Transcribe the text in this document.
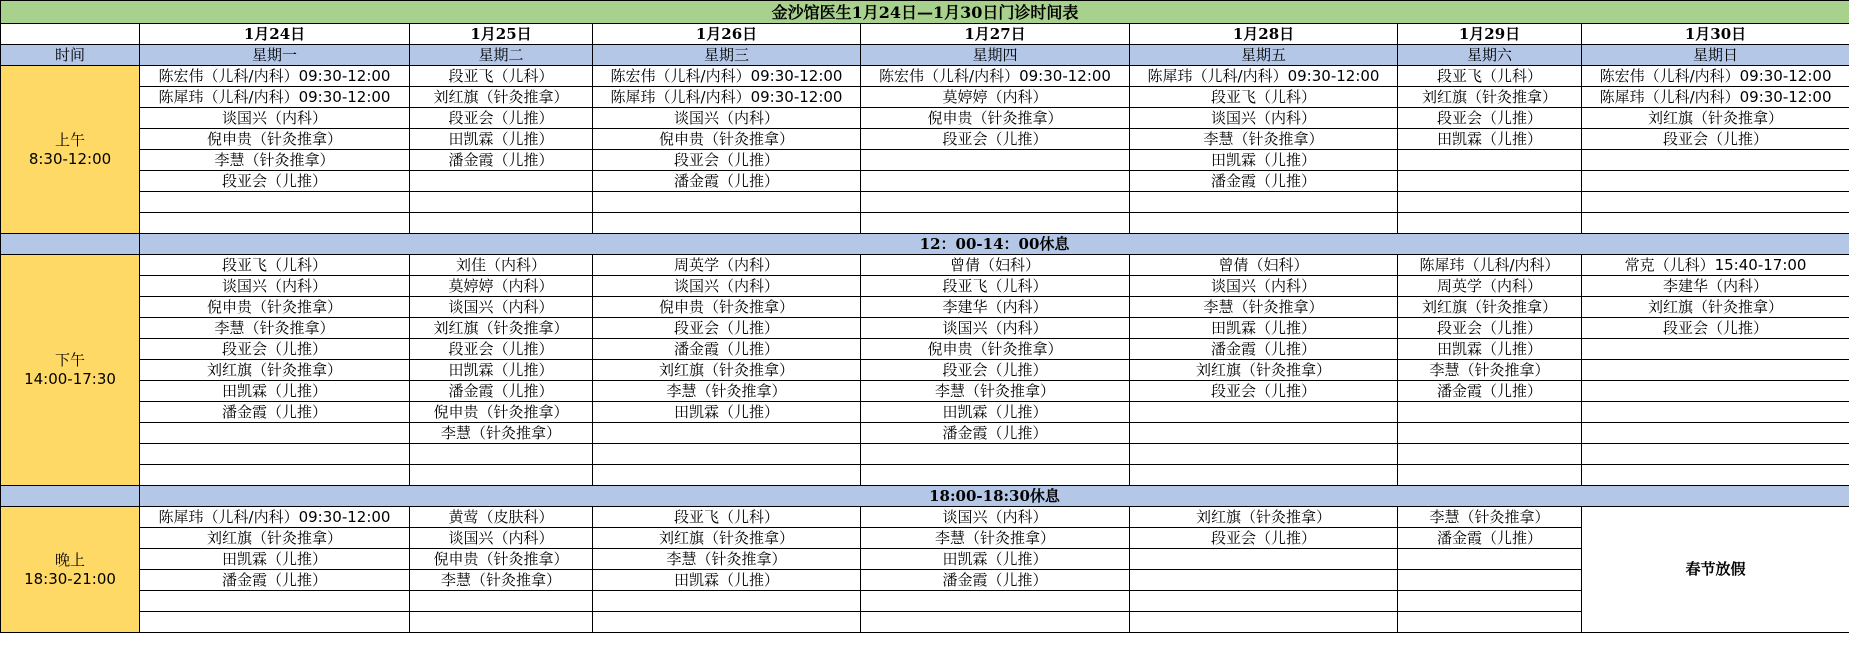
金沙馆医生1月24日—1月30日门诊时间表							
	1月24日	1月25日	1月26日	1月27日	1月28日	1月29日	1月30日
时间	星期一	星期二	星期三	星期四	星期五	星期六	星期日

上午
8:30-12:00	陈宏伟（儿科/内科）09:30-12:00	段亚飞（儿科）	陈宏伟（儿科/内科）09:30-12:00	陈宏伟（儿科/内科）09:30-12:00	陈犀玮（儿科/内科）09:30-12:00	段亚飞（儿科）	陈宏伟（儿科/内科）09:30-12:00
	陈犀玮（儿科/内科）09:30-12:00	刘红旗（针灸推拿）	陈犀玮（儿科/内科）09:30-12:00	莫婷婷（内科）	段亚飞（儿科）	刘红旗（针灸推拿）	陈犀玮（儿科/内科）09:30-12:00
	谈国兴（内科）	段亚会（儿推）	谈国兴（内科）	倪申贵（针灸推拿）	谈国兴（内科）	段亚会（儿推）	刘红旗（针灸推拿）
	倪申贵（针灸推拿）	田凯霖（儿推）	倪申贵（针灸推拿）	段亚会（儿推）	李慧（针灸推拿）	田凯霖（儿推）	段亚会（儿推）
	李慧（针灸推拿）	潘金霞（儿推）	段亚会（儿推）		田凯霖（儿推）		
	段亚会（儿推）		潘金霞（儿推）		潘金霞（儿推）		

	12：00-14：00休息						

下午
14:00-17:30	段亚飞（儿科）	刘佳（内科）	周英学（内科）	曾倩（妇科）	曾倩（妇科）	陈犀玮（儿科/内科）	常克（儿科）15:40-17:00
	谈国兴（内科）	莫婷婷（内科）	谈国兴（内科）	段亚飞（儿科）	谈国兴（内科）	周英学（内科）	李建华（内科）
	倪申贵（针灸推拿）	谈国兴（内科）	倪申贵（针灸推拿）	李建华（内科）	李慧（针灸推拿）	刘红旗（针灸推拿）	刘红旗（针灸推拿）
	李慧（针灸推拿）	刘红旗（针灸推拿）	段亚会（儿推）	谈国兴（内科）	田凯霖（儿推）	段亚会（儿推）	段亚会（儿推）
	段亚会（儿推）	段亚会（儿推）	潘金霞（儿推）	倪申贵（针灸推拿）	潘金霞（儿推）	田凯霖（儿推）	
	刘红旗（针灸推拿）	田凯霖（儿推）	刘红旗（针灸推拿）	段亚会（儿推）	刘红旗（针灸推拿）	李慧（针灸推拿）	
	田凯霖（儿推）	潘金霞（儿推）	李慧（针灸推拿）	李慧（针灸推拿）	段亚会（儿推）	潘金霞（儿推）	
	潘金霞（儿推）	倪申贵（针灸推拿）	田凯霖（儿推）	田凯霖（儿推）			
		李慧（针灸推拿）		潘金霞（儿推）			

	18:00-18:30休息						

晚上
18:30-21:00	陈犀玮（儿科/内科）09:30-12:00	黄莺（皮肤科）	段亚飞（儿科）	谈国兴（内科）	刘红旗（针灸推拿）	李慧（针灸推拿）	春节放假
	刘红旗（针灸推拿）	谈国兴（内科）	刘红旗（针灸推拿）	李慧（针灸推拿）	段亚会（儿推）	潘金霞（儿推）	
	田凯霖（儿推）	倪申贵（针灸推拿）	李慧（针灸推拿）	田凯霖（儿推）			
	潘金霞（儿推）	李慧（针灸推拿）	田凯霖（儿推）	潘金霞（儿推）			
